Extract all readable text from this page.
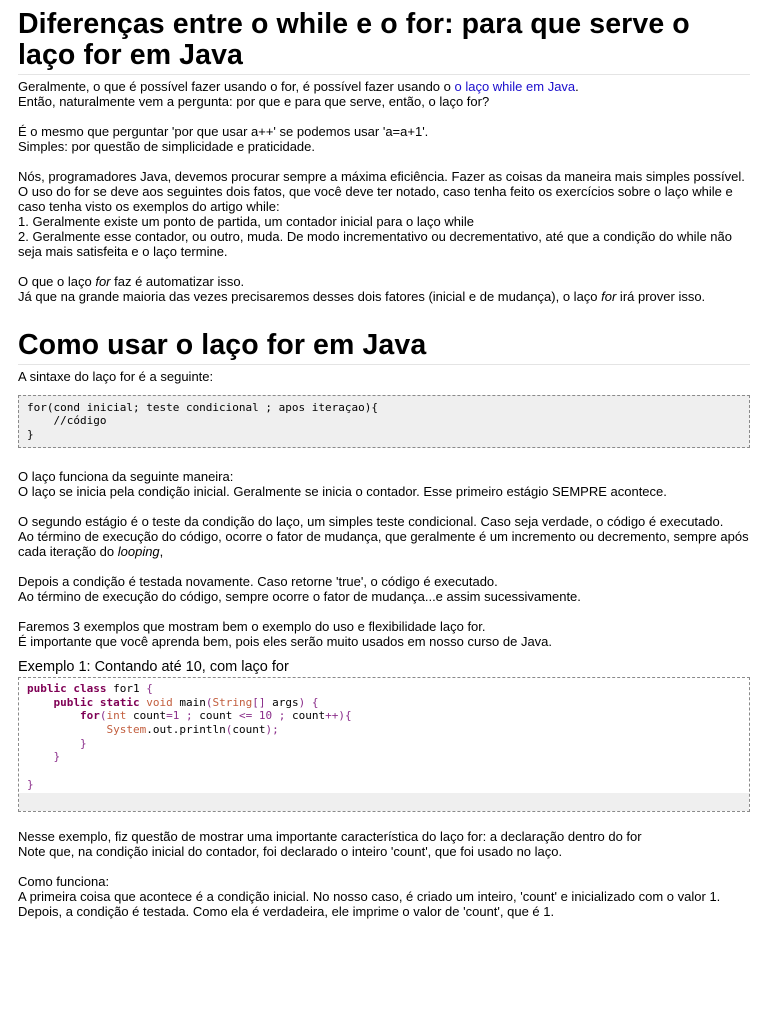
Diferenças entre o while e o for: para que serve o laço for em Java

Geralmente, o que é possível fazer usando o for, é possível fazer usando o o laço while em Java.

Então, naturalmente vem a pergunta: por que e para que serve, então, o laço for?

É o mesmo que perguntar 'por que usar a++' se podemos usar 'a=a+1'.

Simples: por questão de simplicidade e praticidade.

Nós, programadores Java, devemos procurar sempre a máxima eficiência. Fazer as coisas da maneira mais simples possível.

O uso do for se deve aos seguintes dois fatos, que você deve ter notado, caso tenha feito os exercícios sobre o laço while e caso tenha visto os exemplos do artigo while:

1. Geralmente existe um ponto de partida, um contador inicial para o laço while

2. Geralmente esse contador, ou outro, muda. De modo incrementativo ou decrementativo, até que a condição do while não seja mais satisfeita e o laço termine.

O que o laço for faz é automatizar isso.

Já que na grande maioria das vezes precisaremos desses dois fatores (inicial e de mudança), o laço for irá prover isso.

Como usar o laço for em Java

A sintaxe do laço for é a seguinte:

for(cond inicial; teste condicional ; apos iteraçao){
//código
}

O laço funciona da seguinte maneira:

O laço se inicia pela condição inicial. Geralmente se inicia o contador. Esse primeiro estágio SEMPRE acontece.

O segundo estágio é o teste da condição do laço, um simples teste condicional. Caso seja verdade, o código é executado.

Ao término de execução do código, ocorre o fator de mudança, que geralmente é um incremento ou decremento, sempre após cada iteração do looping,

Depois a condição é testada novamente. Caso retorne 'true', o código é executado.

Ao término de execução do código, sempre ocorre o fator de mudança...e assim sucessivamente.

Faremos 3 exemplos que mostram bem o exemplo do uso e flexibilidade laço for.

É importante que você aprenda bem, pois eles serão muito usados em nosso curso de Java.

Exemplo 1: Contando até 10, com laço for

public class for1 {
public static void main(String[] args) {
for(int count=1 ; count <= 10 ; count++){
System.out.println(count);
}
}

}

Nesse exemplo, fiz questão de mostrar uma importante característica do laço for: a declaração dentro do for

Note que, na condição inicial do contador, foi declarado o inteiro 'count', que foi usado no laço.

Como funciona:

A primeira coisa que acontece é a condição inicial. No nosso caso, é criado um inteiro, 'count' e inicializado com o valor 1.

Depois, a condição é testada. Como ela é verdadeira, ele imprime o valor de 'count', que é 1.
